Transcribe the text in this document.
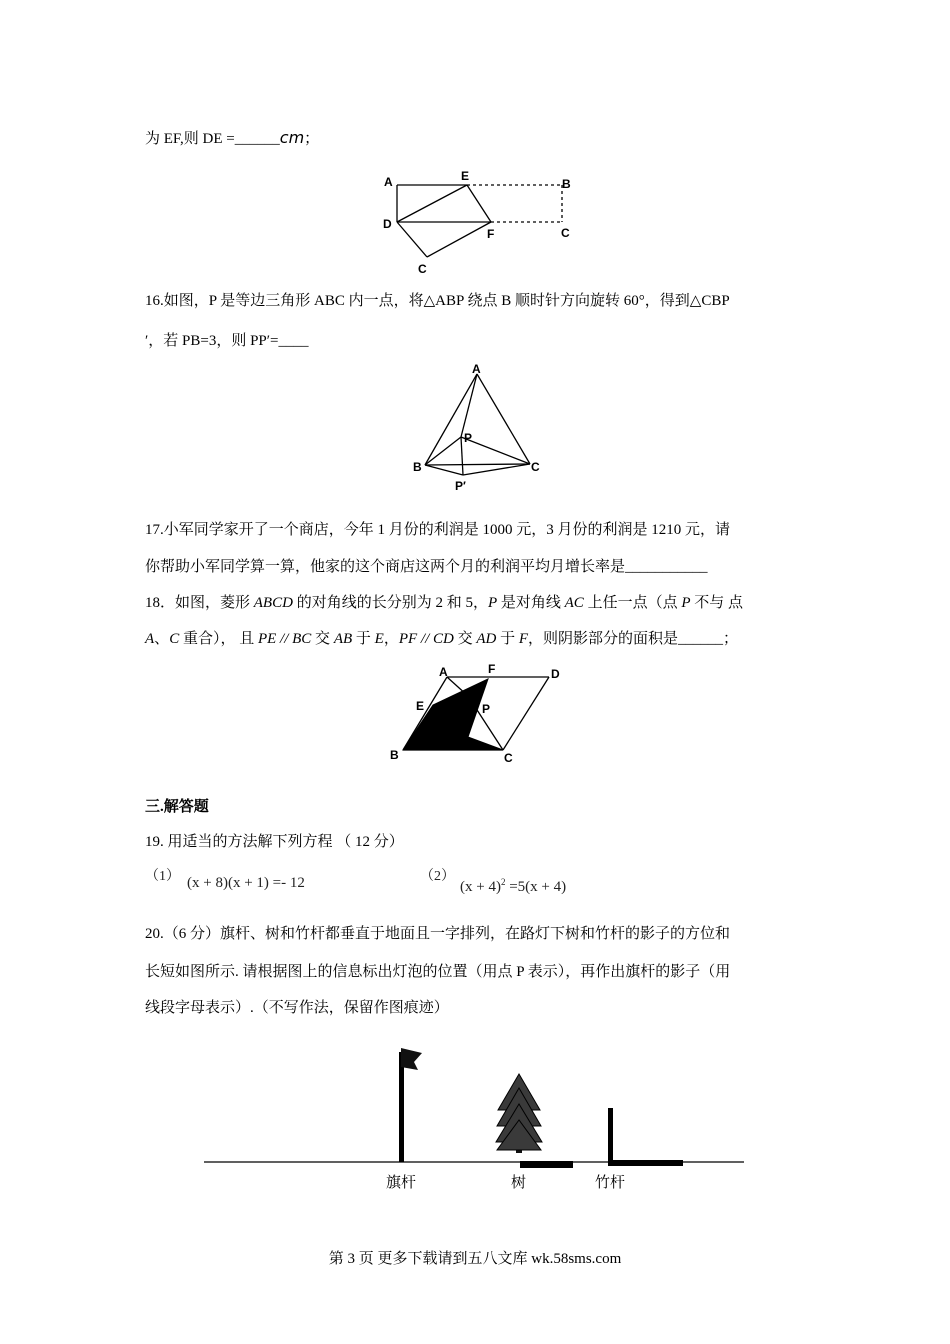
为 EF,则 DE =______cm；
A	E
B
D
F	C
C
16.如图，P 是等边三角形 ABC 内一点，将△ABP 绕点 B 顺时针方向旋转 60°，得到△CBP
′，若 PB=3，则 PP′=____
A
P
B	C
P′
17.小军同学家开了一个商店，今年 1 月份的利润是 1000 元，3 月份的利润是 1210 元，请
你帮助小军同学算一算，他家的这个商店这两个月的利润平均月增长率是___________
18．如图，菱形 ABCD 的对角线的长分别为 2 和 5，P 是对角线 AC 上任一点（点 P 不与 点
A、C 重合）， 且 PE // BC 交 AB 于 E，PF // CD 交 AD 于 F，则阴影部分的面积是______；
A	F	D
E	P
B	C
三.解答题
19. 用适当的方法解下列方程 （ 12 分）
（1） (x + 8)(x + 1) =- 12	（2）
$(x + 4)^2 =5(x + 4)$
20.（6 分）旗杆、树和竹杆都垂直于地面且一字排列，在路灯下树和竹杆的影子的方位和
长短如图所示. 请根据图上的信息标出灯泡的位置（用点 P 表示），再作出旗杆的影子（用
线段字母表示）.（不写作法，保留作图痕迹）
旗杆	树	竹杆
第 3 页 更多下载请到五八文库 wk.58sms.com
